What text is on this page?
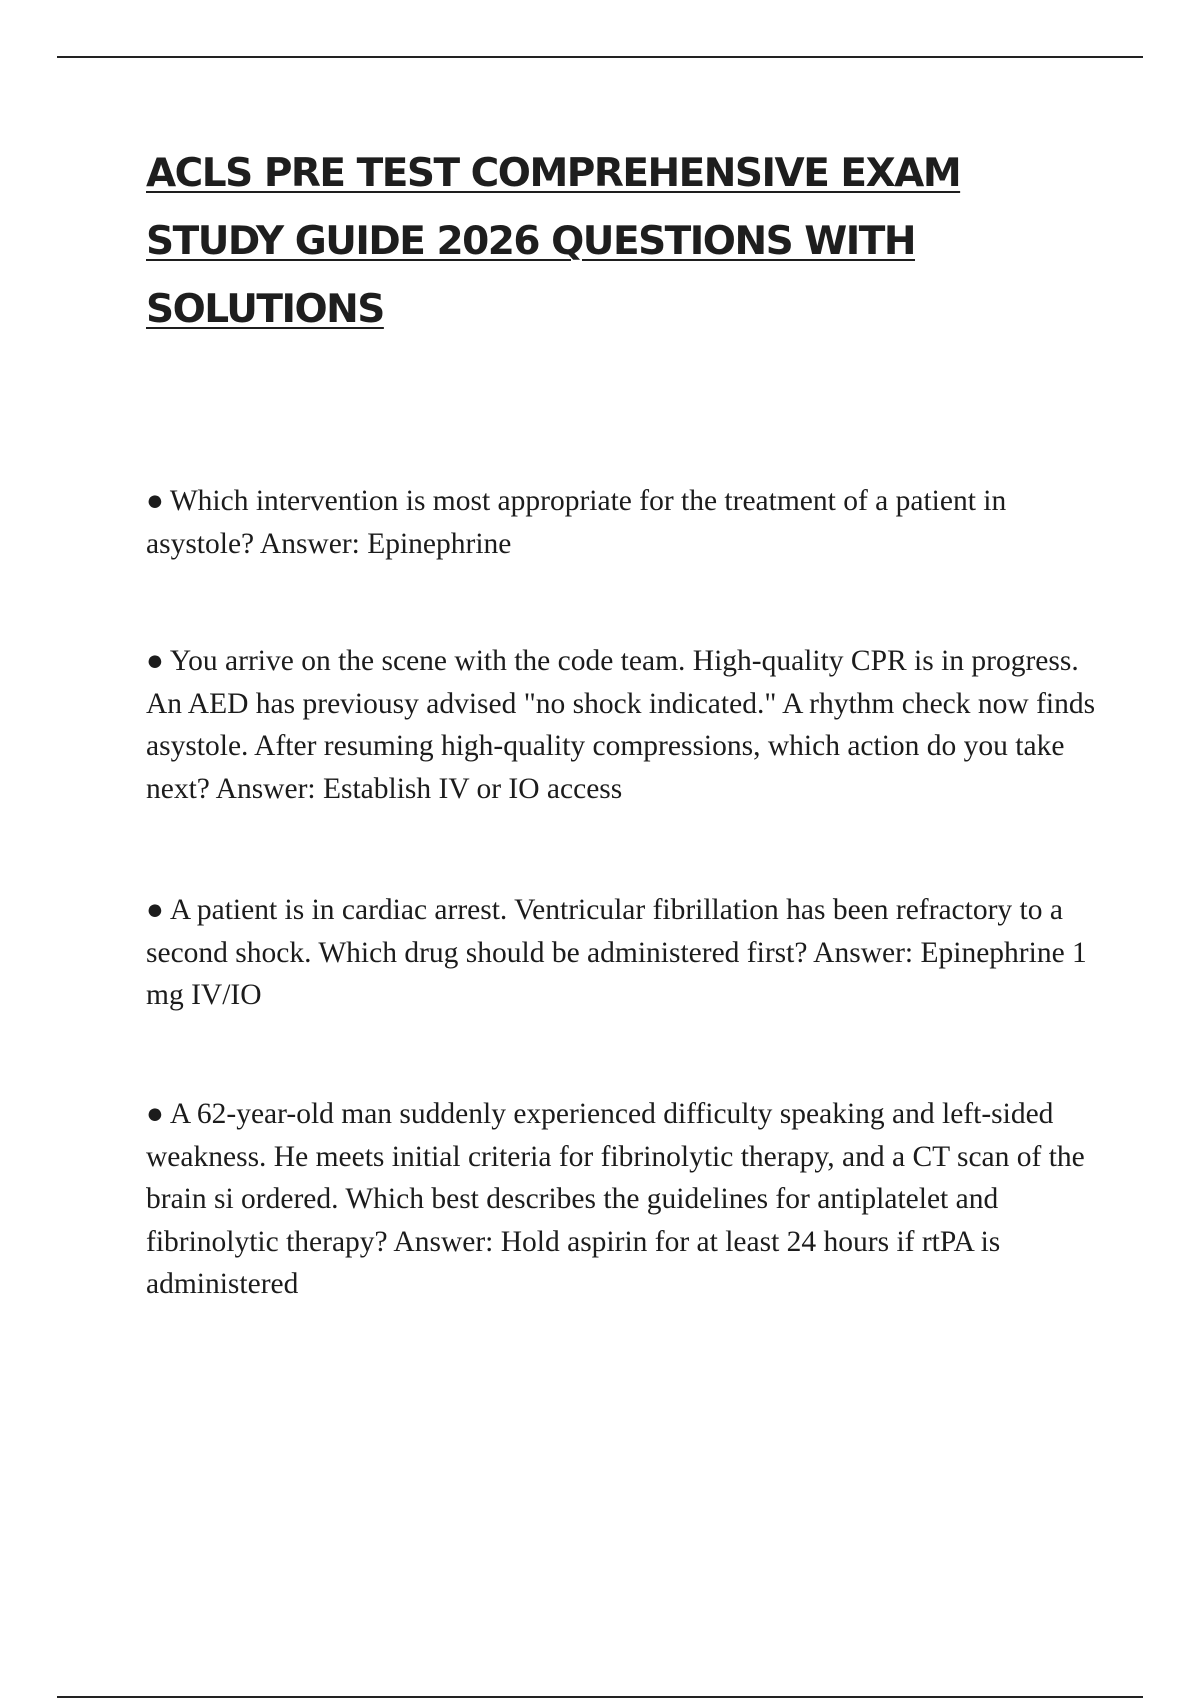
ACLS PRE TEST COMPREHENSIVE EXAM STUDY GUIDE 2026 QUESTIONS WITH SOLUTIONS
● Which intervention is most appropriate for the treatment of a patient in asystole? Answer: Epinephrine
● You arrive on the scene with the code team. High-quality CPR is in progress. An AED has previousy advised "no shock indicated." A rhythm check now finds asystole. After resuming high-quality compressions, which action do you take next? Answer: Establish IV or IO access
● A patient is in cardiac arrest. Ventricular fibrillation has been refractory to a second shock. Which drug should be administered first? Answer: Epinephrine 1 mg IV/IO
● A 62-year-old man suddenly experienced difficulty speaking and left-sided weakness. He meets initial criteria for fibrinolytic therapy, and a CT scan of the brain si ordered. Which best describes the guidelines for antiplatelet and fibrinolytic therapy? Answer: Hold aspirin for at least 24 hours if rtPA is administered
